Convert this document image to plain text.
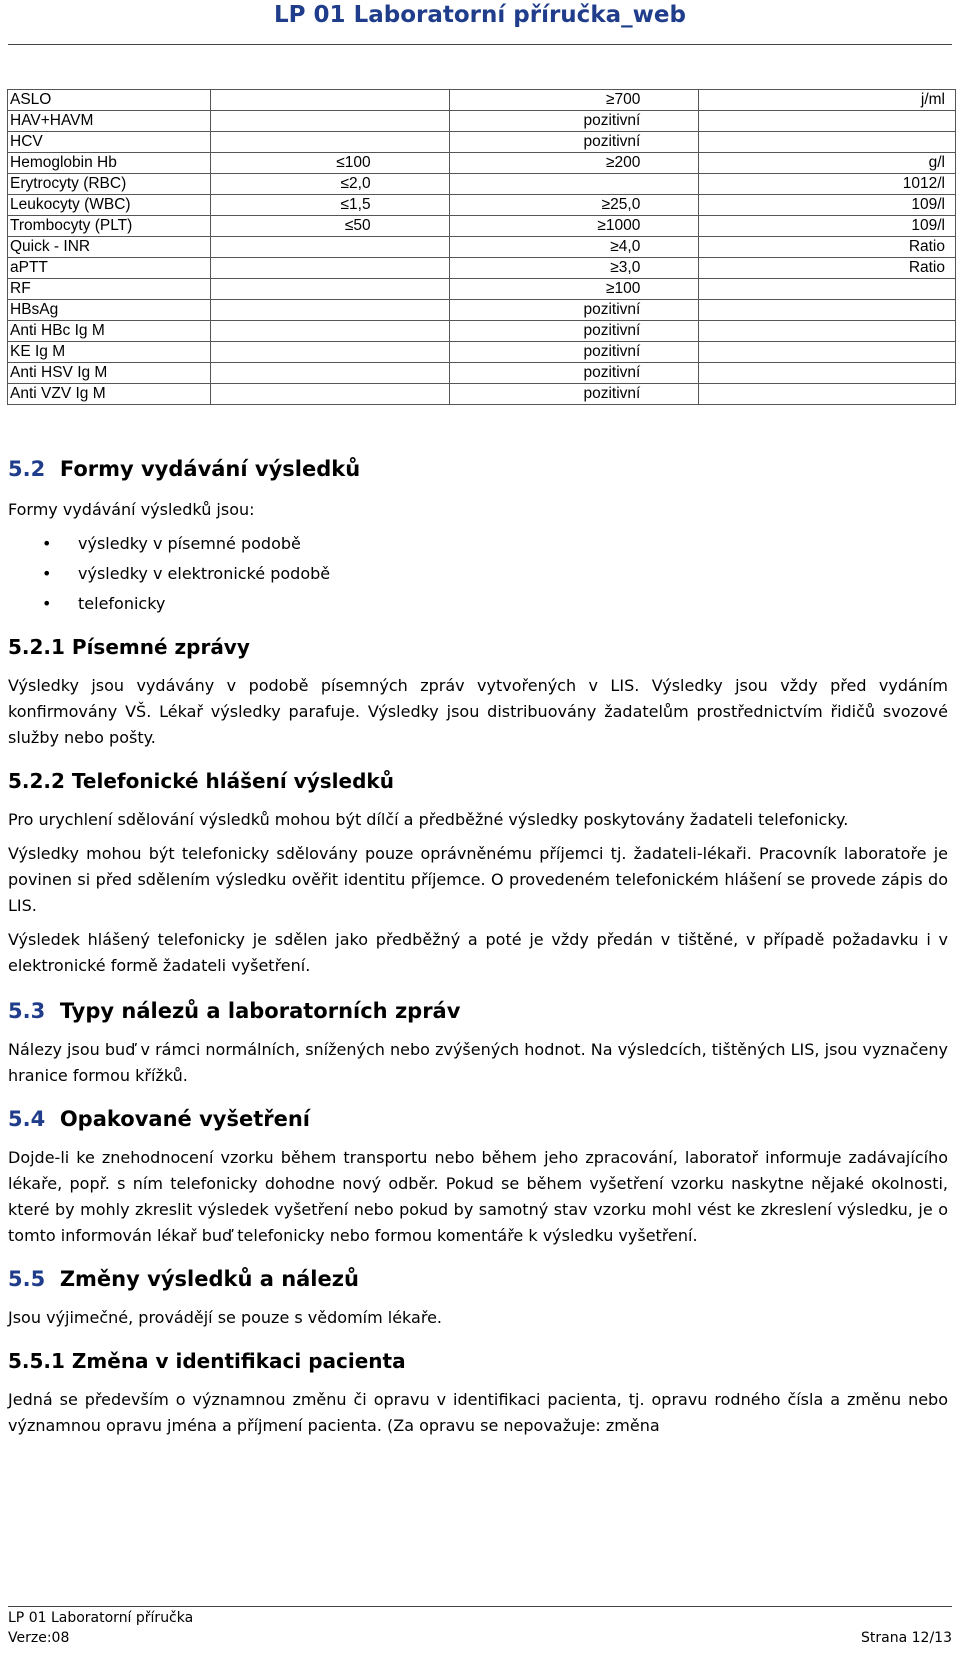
LP 01 Laboratorní příručka_web
ASLO		≥700	j/ml
HAV+HAVM		pozitivní	
HCV		pozitivní	
Hemoglobin Hb	≤100	≥200	g/l
Erytrocyty (RBC)	≤2,0		1012/l
Leukocyty (WBC)	≤1,5	≥25,0	109/l
Trombocyty (PLT)	≤50	≥1000	109/l
Quick - INR		≥4,0	Ratio
aPTT		≥3,0	Ratio
RF		≥100	
HBsAg		pozitivní	
Anti HBc Ig M		pozitivní	
KE Ig M		pozitivní	
Anti HSV Ig M		pozitivní	
Anti VZV Ig M		pozitivní	
5.2 Formy vydávání výsledků

Formy vydávání výsledků jsou:

• výsledky v písemné podobě
• výsledky v elektronické podobě
• telefonicky
5.2.1 Písemné zprávy

Výsledky jsou vydávány v podobě písemných zpráv vytvořených v LIS. Výsledky jsou vždy před vydáním konfirmovány VŠ. Lékař výsledky parafuje. Výsledky jsou distribuovány žadatelům prostřednictvím řidičů svozové služby nebo pošty.

5.2.2 Telefonické hlášení výsledků

Pro urychlení sdělování výsledků mohou být dílčí a předběžné výsledky poskytovány žadateli telefonicky.

Výsledky mohou být telefonicky sdělovány pouze oprávněnému příjemci tj. žadateli-lékaři. Pracovník laboratoře je povinen si před sdělením výsledku ověřit identitu příjemce. O provedeném telefonickém hlášení se provede zápis do LIS.

Výsledek hlášený telefonicky je sdělen jako předběžný a poté je vždy předán v tištěné, v případě požadavku i v elektronické formě žadateli vyšetření.

5.3 Typy nálezů a laboratorních zpráv

Nálezy jsou buď v rámci normálních, snížených nebo zvýšených hodnot. Na výsledcích, tištěných LIS, jsou vyznačeny hranice formou křížků.

5.4 Opakované vyšetření

Dojde-li ke znehodnocení vzorku během transportu nebo během jeho zpracování, laboratoř informuje zadávajícího lékaře, popř. s ním telefonicky dohodne nový odběr. Pokud se během vyšetření vzorku naskytne nějaké okolnosti, které by mohly zkreslit výsledek vyšetření nebo pokud by samotný stav vzorku mohl vést ke zkreslení výsledku, je o tomto informován lékař buď telefonicky nebo formou komentáře k výsledku vyšetření.

5.5 Změny výsledků a nálezů

Jsou výjimečné, provádějí se pouze s vědomím lékaře.

5.5.1 Změna v identifikaci pacienta

Jedná se především o významnou změnu či opravu v identifikaci pacienta, tj. opravu rodného čísla a změnu nebo významnou opravu jména a příjmení pacienta. (Za opravu se nepovažuje: změna

LP 01 Laboratorní příručka
Verze:08	Strana 12/13
